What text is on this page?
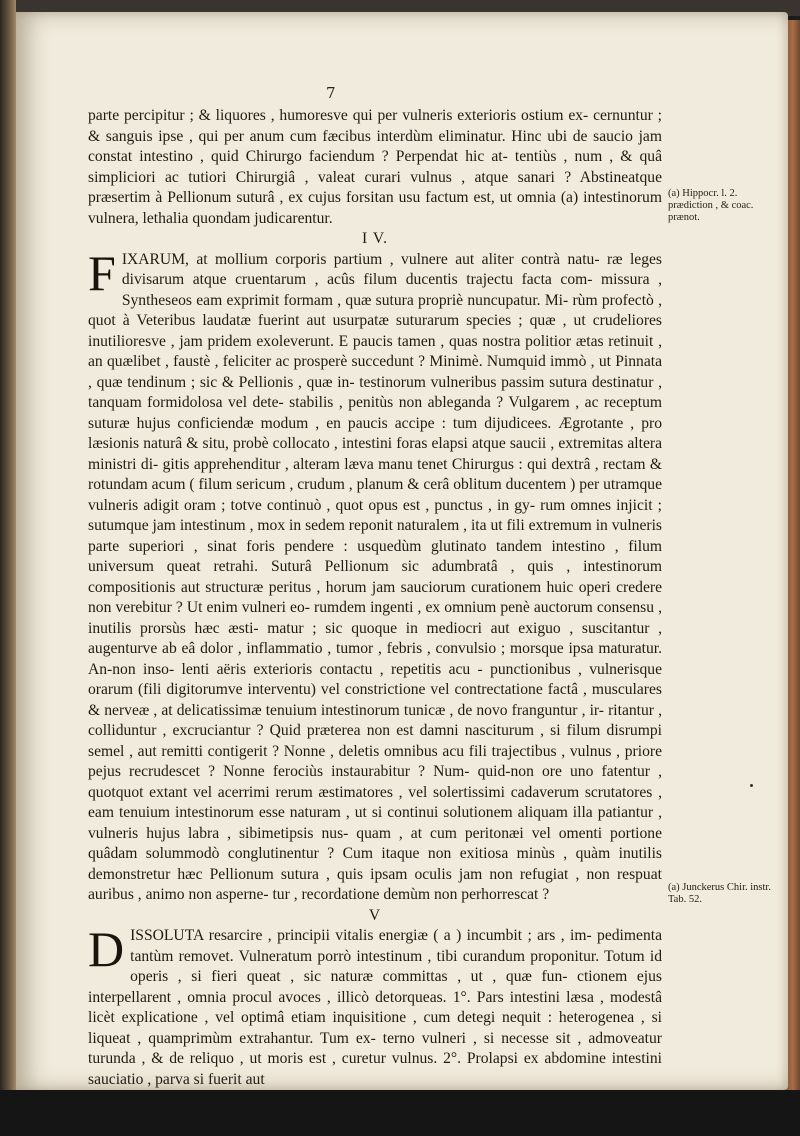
7

parte percipitur ; & liquores , humoresve qui per vulneris exterioris ostium ex- cernuntur ; & sanguis ipse , qui per anum cum fæcibus interdùm eliminatur. Hinc ubi de saucio jam constat intestino , quid Chirurgo faciendum ? Perpendat hic at- tentiùs , num , & quâ simpliciori ac tutiori Chirurgiâ , valeat curari vulnus , atque sanari ? Abstineatque præsertim à Pellionum suturâ , ex cujus forsitan usu factum est, ut omnia (a) intestinorum vulnera, lethalia quondam judicarentur.

I V.

FIXARUM, at mollium corporis partium , vulnere aut aliter contrà natu- ræ leges divisarum atque cruentarum , acûs filum ducentis trajectu facta com- missura , Syntheseos eam exprimit formam , quæ sutura propriè nuncupatur. Mi- rùm profectò , quot à Veteribus laudatæ fuerint aut usurpatæ suturarum species ; quæ , ut crudeliores inutilioresve , jam pridem exoleverunt. E paucis tamen , quas nostra politior ætas retinuit , an quælibet , faustè , feliciter ac prosperè succedunt ? Minimè. Numquid immò , ut Pinnata , quæ tendinum ; sic & Pellionis , quæ in- testinorum vulneribus passim sutura destinatur , tanquam formidolosa vel dete- stabilis , penitùs non ableganda ? Vulgarem , ac receptum suturæ hujus conficiendæ modum , en paucis accipe : tum dijudicees. Ægrotante , pro læsionis naturâ & situ, probè collocato , intestini foras elapsi atque saucii , extremitas altera ministri di- gitis apprehenditur , alteram læva manu tenet Chirurgus : qui dextrâ , rectam & rotundam acum ( filum sericum , crudum , planum & cerâ oblitum ducentem ) per utramque vulneris adigit oram ; totve continuò , quot opus est , punctus , in gy- rum omnes injicit ; sutumque jam intestinum , mox in sedem reponit naturalem , ita ut fili extremum in vulneris parte superiori , sinat foris pendere : usquedùm glutinato tandem intestino , filum universum queat retrahi. Suturâ Pellionum sic adumbratâ , quis , intestinorum compositionis aut structuræ peritus , horum jam sauciorum curationem huic operi credere non verebitur ? Ut enim vulneri eo- rumdem ingenti , ex omnium penè auctorum consensu , inutilis prorsùs hæc æsti- matur ; sic quoque in mediocri aut exiguo , suscitantur , augenturve ab eâ dolor , inflammatio , tumor , febris , convulsio ; morsque ipsa maturatur. An-non inso- lenti aëris exterioris contactu , repetitis acu - punctionibus , vulnerisque orarum (fili digitorumve interventu) vel constrictione vel contrectatione factâ , musculares & nerveæ , at delicatissimæ tenuium intestinorum tunicæ , de novo franguntur , ir- ritantur , colliduntur , excruciantur ? Quid præterea non est damni nasciturum , si filum disrumpi semel , aut remitti contigerit ? Nonne , deletis omnibus acu fili trajectibus , vulnus , priore pejus recrudescet ? Nonne ferociùs instaurabitur ? Num- quid-non ore uno fatentur , quotquot extant vel acerrimi rerum æstimatores , vel solertissimi cadaverum scrutatores , eam tenuium intestinorum esse naturam , ut si continui solutionem aliquam illa patiantur , vulneris hujus labra , sibimetipsis nus- quam , at cum peritonæi vel omenti portione quâdam solummodò conglutinentur ? Cum itaque non exitiosa minùs , quàm inutilis demonstretur hæc Pellionum sutura , quis ipsam oculis jam non refugiat , non respuat auribus , animo non asperne- tur , recordatione demùm non perhorrescat ?

V

DISSOLUTA resarcire , principii vitalis energiæ ( a ) incumbit ; ars , im- pedimenta tantùm removet. Vulneratum porrò intestinum , tibi curandum proponitur. Totum id operis , si fieri queat , sic naturæ committas , ut , quæ fun- ctionem ejus interpellarent , omnia procul avoces , illicò detorqueas. 1°. Pars intestini læsa , modestâ licèt explicatione , vel optimâ etiam inquisitione , cum detegi nequit : heterogenea , si liqueat , quamprimùm extrahantur. Tum ex- terno vulneri , si necesse sit , admoveatur turunda , & de reliquo , ut moris est , curetur vulnus. 2°. Prolapsi ex abdomine intestini sauciatio , parva si fuerit aut

(a) Hippocr. l. 2. prædiction , & coac. prænot.
(a) Junckerus Chir. instr. Tab. 52.
